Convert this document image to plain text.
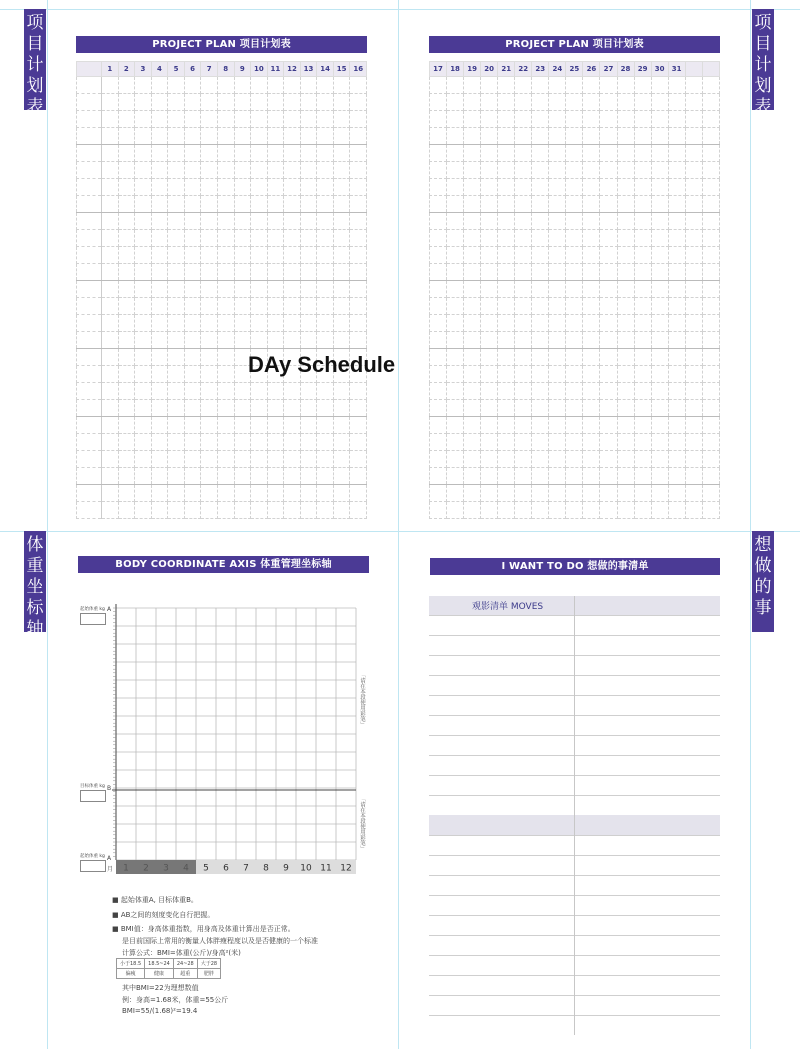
项
目
计
划
表
项
目
计
划
表
体
重
坐
标
轴
想
做
的
事
PROJECT PLAN 项目计划表
	1	2	3	4	5	6	7	8	9	10	11	12	13	14	15	16

PROJECT PLAN 项目计划表
17	18	19	20	21	22	23	24	25	26	27	28	29	30	31		

DAy Schedule
BODY COORDINATE AXIS 体重管理坐标轴
1 2 3 4 5 6 7 8 9 10 11 12
起始体重 kg
目标体重 kg
起始体重 kg
A
B
A
月
「请在本段使用彩笔」
「请在本段使用彩笔」
■ 起始体重A, 目标体重B。
■ AB之间的刻度变化自行把握。
■ BMI值：身高体重指数，用身高及体重计算出是否正常。
是目前国际上常用的衡量人体胖瘦程度以及是否健康的一个标准
计算公式：BMI=体重(公斤)/身高²(米)
小于18.5	18.5~24	24~28	大于28
偏瘦	健康	超重	肥胖
其中BMI=22为理想数值
例：身高=1.68米，体重=55公斤
BMI=55/(1.68)²=19.4
I WANT TO DO 想做的事清单
观影清单 MOVES
